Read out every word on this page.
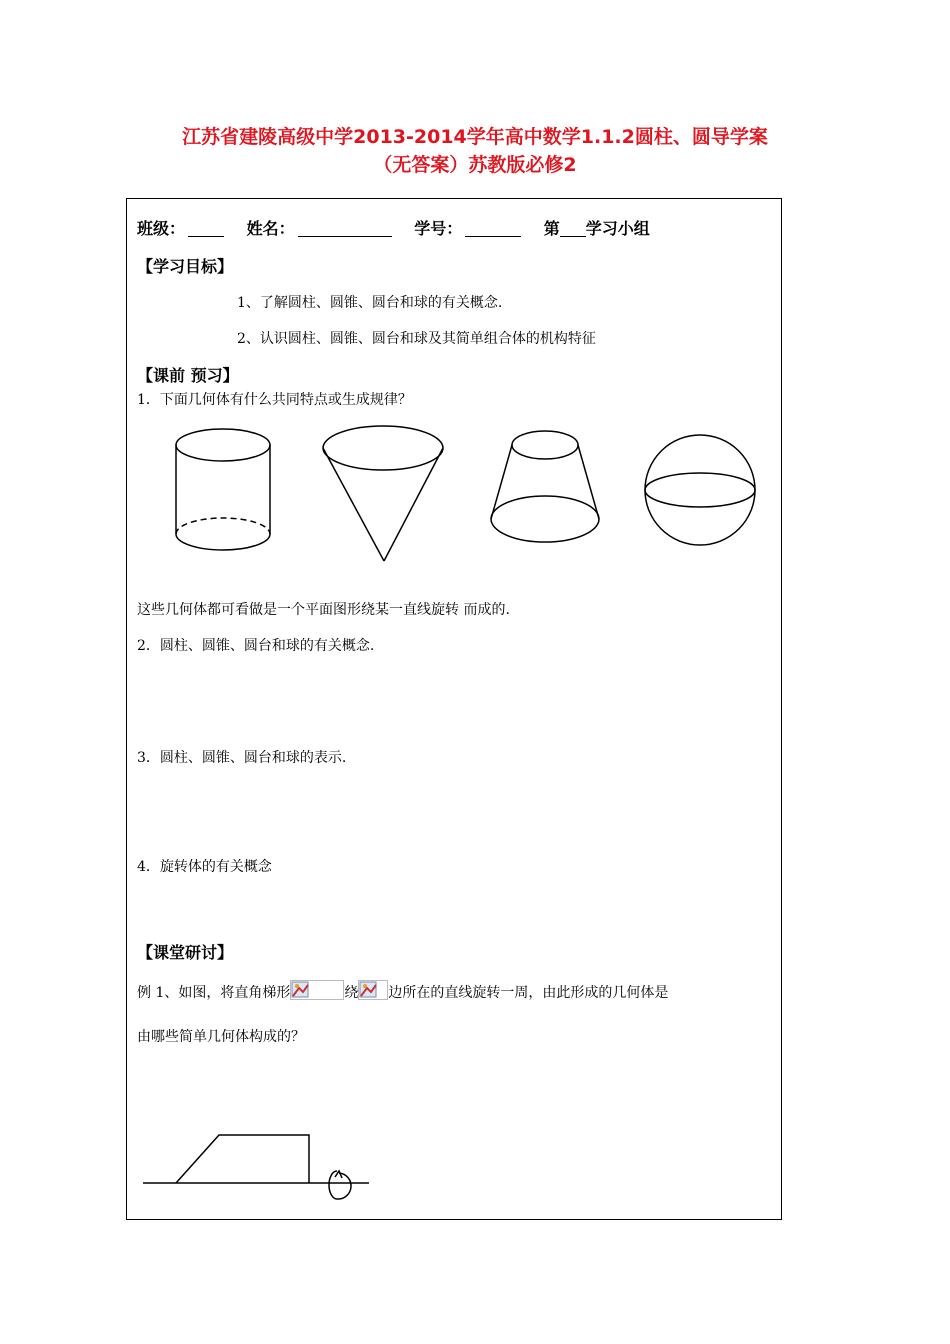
江苏省建陵高级中学2013-2014学年高中数学1.1.2圆柱、圆导学案
（无答案）苏教版必修2
班级：	姓名：	学号：	第 学习小组
【学习目标】
1、了解圆柱、圆锥、圆台和球的有关概念.
2、认识圆柱、圆锥、圆台和球及其简单组合体的机构特征
【课前 预习】
1．下面几何体有什么共同特点或生成规律？
这些几何体都可看做是一个平面图形绕某一直线旋转 而成的.
2．圆柱、圆锥、圆台和球的有关概念.
3．圆柱、圆锥、圆台和球的表示.
4．旋转体的有关概念
【课堂研讨】
例 1、如图，将直角梯形	绕 边所在的直线旋转一周，由此形成的几何体是
由哪些简单几何体构成的？
